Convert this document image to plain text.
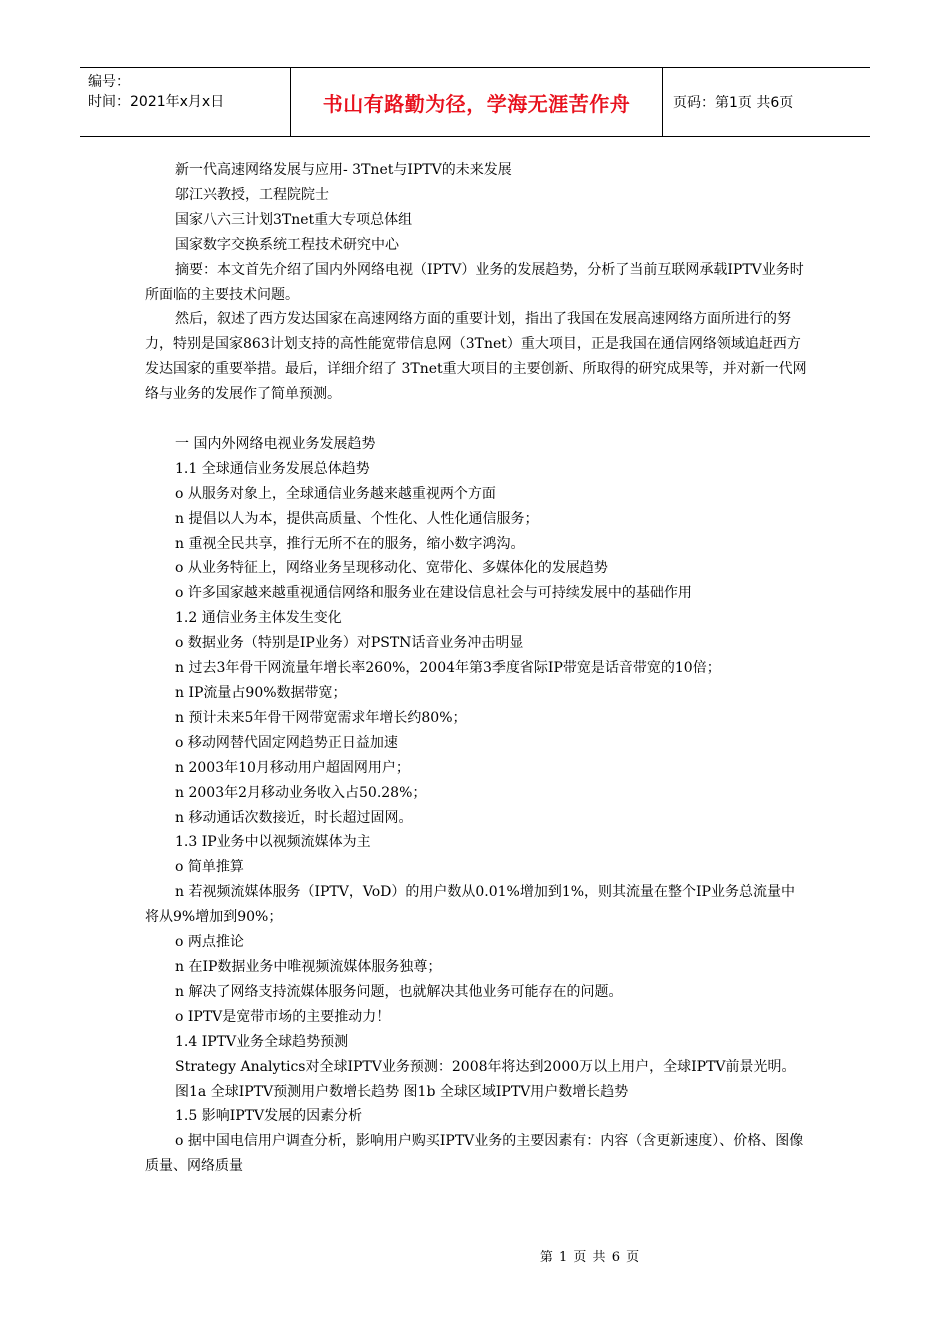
编号：
时间：2021年x月x日	书山有路勤为径，学海无涯苦作舟	页码：第1页 共6页

新一代高速网络发展与应用- 3Tnet与IPTV的未来发展

邬江兴教授，工程院院士

国家八六三计划3Tnet重大专项总体组

国家数字交换系统工程技术研究中心

摘要：本文首先介绍了国内外网络电视（IPTV）业务的发展趋势，分析了当前互联网承载IPTV业务时所面临的主要技术问题。

然后，叙述了西方发达国家在高速网络方面的重要计划，指出了我国在发展高速网络方面所进行的努力，特别是国家863计划支持的高性能宽带信息网（3Tnet）重大项目，正是我国在通信网络领域追赶西方发达国家的重要举措。最后，详细介绍了 3Tnet重大项目的主要创新、所取得的研究成果等，并对新一代网络与业务的发展作了简单预测。

一 国内外网络电视业务发展趋势

1.1 全球通信业务发展总体趋势

o 从服务对象上，全球通信业务越来越重视两个方面

n 提倡以人为本，提供高质量、个性化、人性化通信服务；

n 重视全民共享，推行无所不在的服务，缩小数字鸿沟。

o 从业务特征上，网络业务呈现移动化、宽带化、多媒体化的发展趋势

o 许多国家越来越重视通信网络和服务业在建设信息社会与可持续发展中的基础作用

1.2 通信业务主体发生变化

o 数据业务（特别是IP业务）对PSTN话音业务冲击明显

n 过去3年骨干网流量年增长率260%，2004年第3季度省际IP带宽是话音带宽的10倍；

n IP流量占90%数据带宽；

n 预计未来5年骨干网带宽需求年增长约80%；

o 移动网替代固定网趋势正日益加速

n 2003年10月移动用户超固网用户；

n 2003年2月移动业务收入占50.28%；

n 移动通话次数接近，时长超过固网。

1.3 IP业务中以视频流媒体为主

o 简单推算

n 若视频流媒体服务（IPTV，VoD）的用户数从0.01%增加到1%，则其流量在整个IP业务总流量中将从9%增加到90%；

o 两点推论

n 在IP数据业务中唯视频流媒体服务独尊；

n 解决了网络支持流媒体服务问题，也就解决其他业务可能存在的问题。

o IPTV是宽带市场的主要推动力！

1.4 IPTV业务全球趋势预测

Strategy Analytics对全球IPTV业务预测：2008年将达到2000万以上用户，全球IPTV前景光明。

图1a 全球IPTV预测用户数增长趋势 图1b 全球区域IPTV用户数增长趋势

1.5 影响IPTV发展的因素分析

o 据中国电信用户调查分析，影响用户购买IPTV业务的主要因素有：内容（含更新速度）、价格、图像质量、网络质量

第 1 页 共 6 页
